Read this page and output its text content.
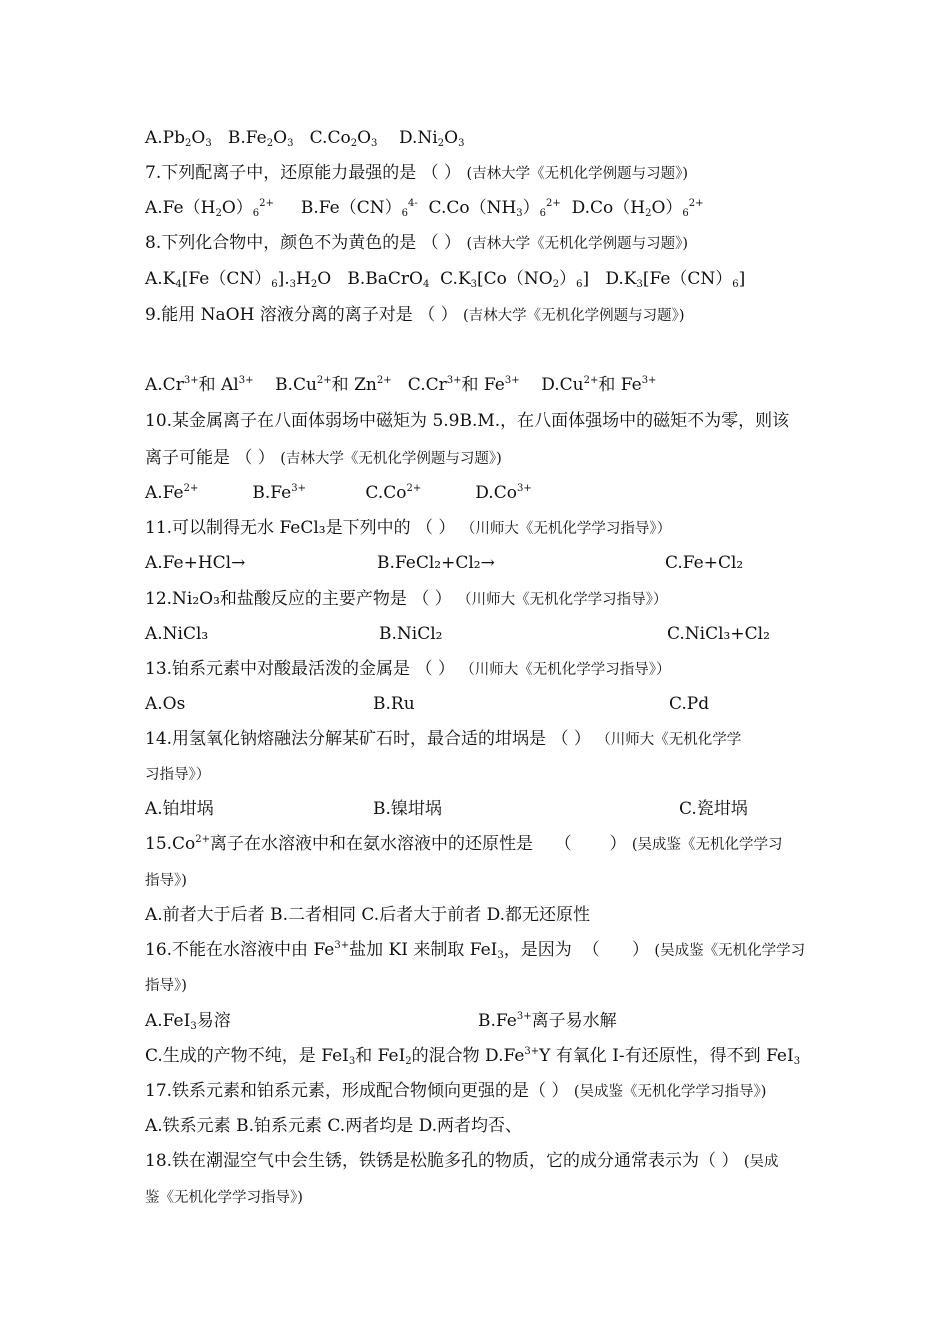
$A.Pb_2O_3$   $B.Fe_2O_3$   $C.Co_2O_3$    $D.Ni_2O_3$
7.下列配离子中，还原能力最强的是 （ ） (吉林大学《无机化学例题与习题》)
$A.Fe(H_2O)_6^{2+}$     $B.Fe(CN)_6^{4-}$  $C.Co(NH_3)_6^{2+}$  $D.Co(H_2O)_6^{2+}$
8.下列化合物中，颜色不为黄色的是 （ ） (吉林大学《无机化学例题与习题》)
$A.K_4[Fe(CN)_6]._3H_2O$   B.BaCrO$_4$  $C.K_3[Co(NO_2)_6]$   $D.K_3[Fe(CN)_6]$
9.能用 NaOH 溶液分离的离子对是 （ ） (吉林大学《无机化学例题与习题》)
$A.Cr^{3+}$和 $Al^{3+}$    $B.Cu^{2+}$和 $Zn^{2+}$   $C.Cr^{3+}$和 $Fe^{3+}$    $D.Cu^{2+}$和 $Fe^{3+}$
10.某金属离子在八面体弱场中磁矩为 5.9B.M.，在八面体强场中的磁矩不为零，则该
离子可能是 （ ） (吉林大学《无机化学例题与习题》)
$A.Fe^{2+}$          $B.Fe^{3+}$           $C.Co^{2+}$          $D.Co^{3+}$
11.可以制得无水 FeCl₃是下列中的 （ ） （川师大《无机化学学习指导》）
A.Fe+HCl→	B.FeCl₂+Cl₂→	C.Fe+Cl₂
12.Ni₂O₃和盐酸反应的主要产物是 （ ） （川师大《无机化学学习指导》）
A.NiCl₃	B.NiCl₂	C.NiCl₃+Cl₂
13.铂系元素中对酸最活泼的金属是 （ ） （川师大《无机化学学习指导》）
A.Os	B.Ru	C.Pd
14.用氢氧化钠熔融法分解某矿石时，最合适的坩埚是 （ ） （川师大《无机化学学
习指导》）
A.铂坩埚	B.镍坩埚	C.瓷坩埚
$15.Co^{2+}$离子在水溶液中和在氨水溶液中的还原性是    （       ） (吴成鉴《无机化学学习
指导》)
A.前者大于后者 B.二者相同 C.后者大于前者 D.都无还原性
16.不能在水溶液中由 $Fe^{3+}$盐加 KI 来制取 FeI$_3$，是因为  （      ） (吴成鉴《无机化学学习
指导》)
A.FeI$_3$易溶	$B.Fe^{3+}$离子易水解
C.生成的产物不纯，是 FeI$_3$和 FeI$_2$的混合物 $D.Fe^{3+}Y$ 有氧化 I-有还原性，得不到 FeI$_3$
17.铁系元素和铂系元素，形成配合物倾向更强的是（ ） (吴成鉴《无机化学学习指导》)
A.铁系元素 B.铂系元素 C.两者均是 D.两者均否、
18.铁在潮湿空气中会生锈，铁锈是松脆多孔的物质，它的成分通常表示为（ ） (吴成
鉴《无机化学学习指导》)
